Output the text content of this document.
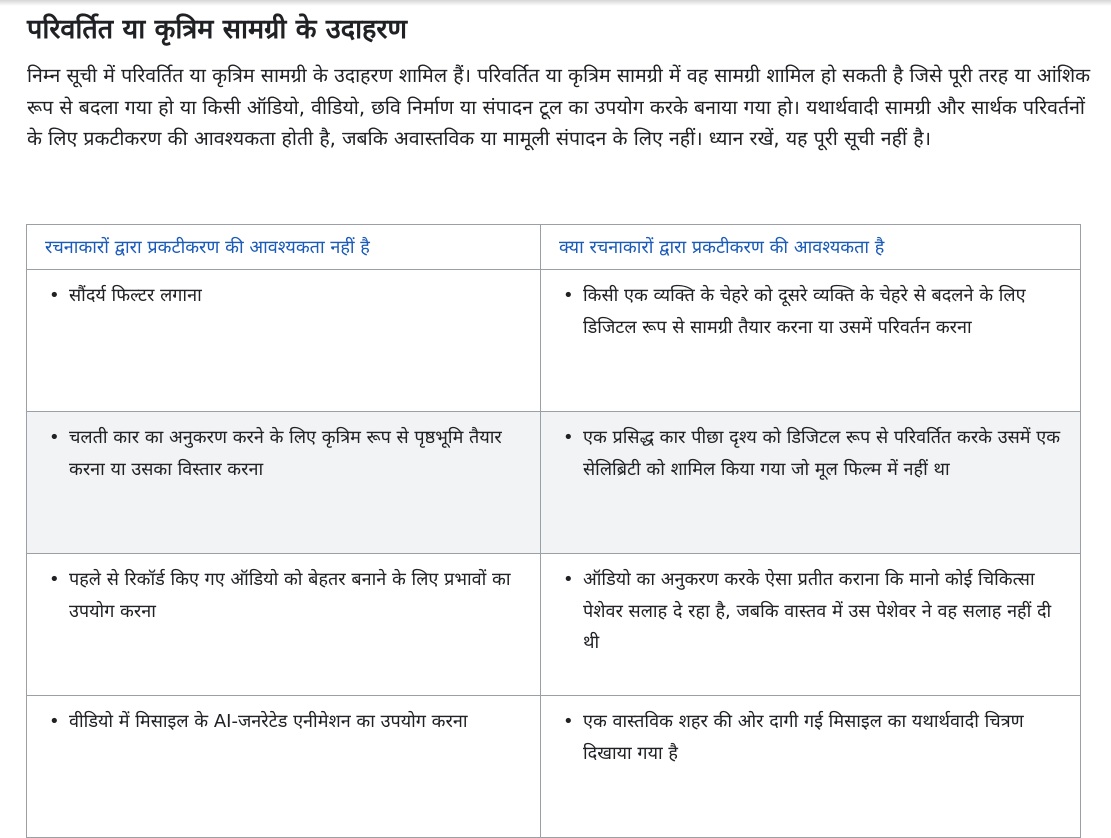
परिवर्तित या कृत्रिम सामग्री के उदाहरण

निम्न सूची में परिवर्तित या कृत्रिम सामग्री के उदाहरण शामिल हैं। परिवर्तित या कृत्रिम सामग्री में वह सामग्री शामिल हो सकती है जिसे पूरी तरह या आंशिक रूप से बदला गया हो या किसी ऑडियो, वीडियो, छवि निर्माण या संपादन टूल का उपयोग करके बनाया गया हो। यथार्थवादी सामग्री और सार्थक परिवर्तनों के लिए प्रकटीकरण की आवश्यकता होती है, जबकि अवास्तविक या मामूली संपादन के लिए नहीं। ध्यान रखें, यह पूरी सूची नहीं है।

रचनाकारों द्वारा प्रकटीकरण की आवश्यकता नहीं है	क्या रचनाकारों द्वारा प्रकटीकरण की आवश्यकता है

• सौंदर्य फिल्टर लगाना	• किसी एक व्यक्ति के चेहरे को दूसरे व्यक्ति के चेहरे से बदलने के लिए डिजिटल रूप से सामग्री तैयार करना या उसमें परिवर्तन करना

• चलती कार का अनुकरण करने के लिए कृत्रिम रूप से पृष्ठभूमि तैयार करना या उसका विस्तार करना	• एक प्रसिद्ध कार पीछा दृश्य को डिजिटल रूप से परिवर्तित करके उसमें एक सेलिब्रिटी को शामिल किया गया जो मूल फिल्म में नहीं था

• पहले से रिकॉर्ड किए गए ऑडियो को बेहतर बनाने के लिए प्रभावों का उपयोग करना	• ऑडियो का अनुकरण करके ऐसा प्रतीत कराना कि मानो कोई चिकित्सा पेशेवर सलाह दे रहा है, जबकि वास्तव में उस पेशेवर ने वह सलाह नहीं दी थी

• वीडियो में मिसाइल के AI-जनरेटेड एनीमेशन का उपयोग करना	• एक वास्तविक शहर की ओर दागी गई मिसाइल का यथार्थवादी चित्रण दिखाया गया है
